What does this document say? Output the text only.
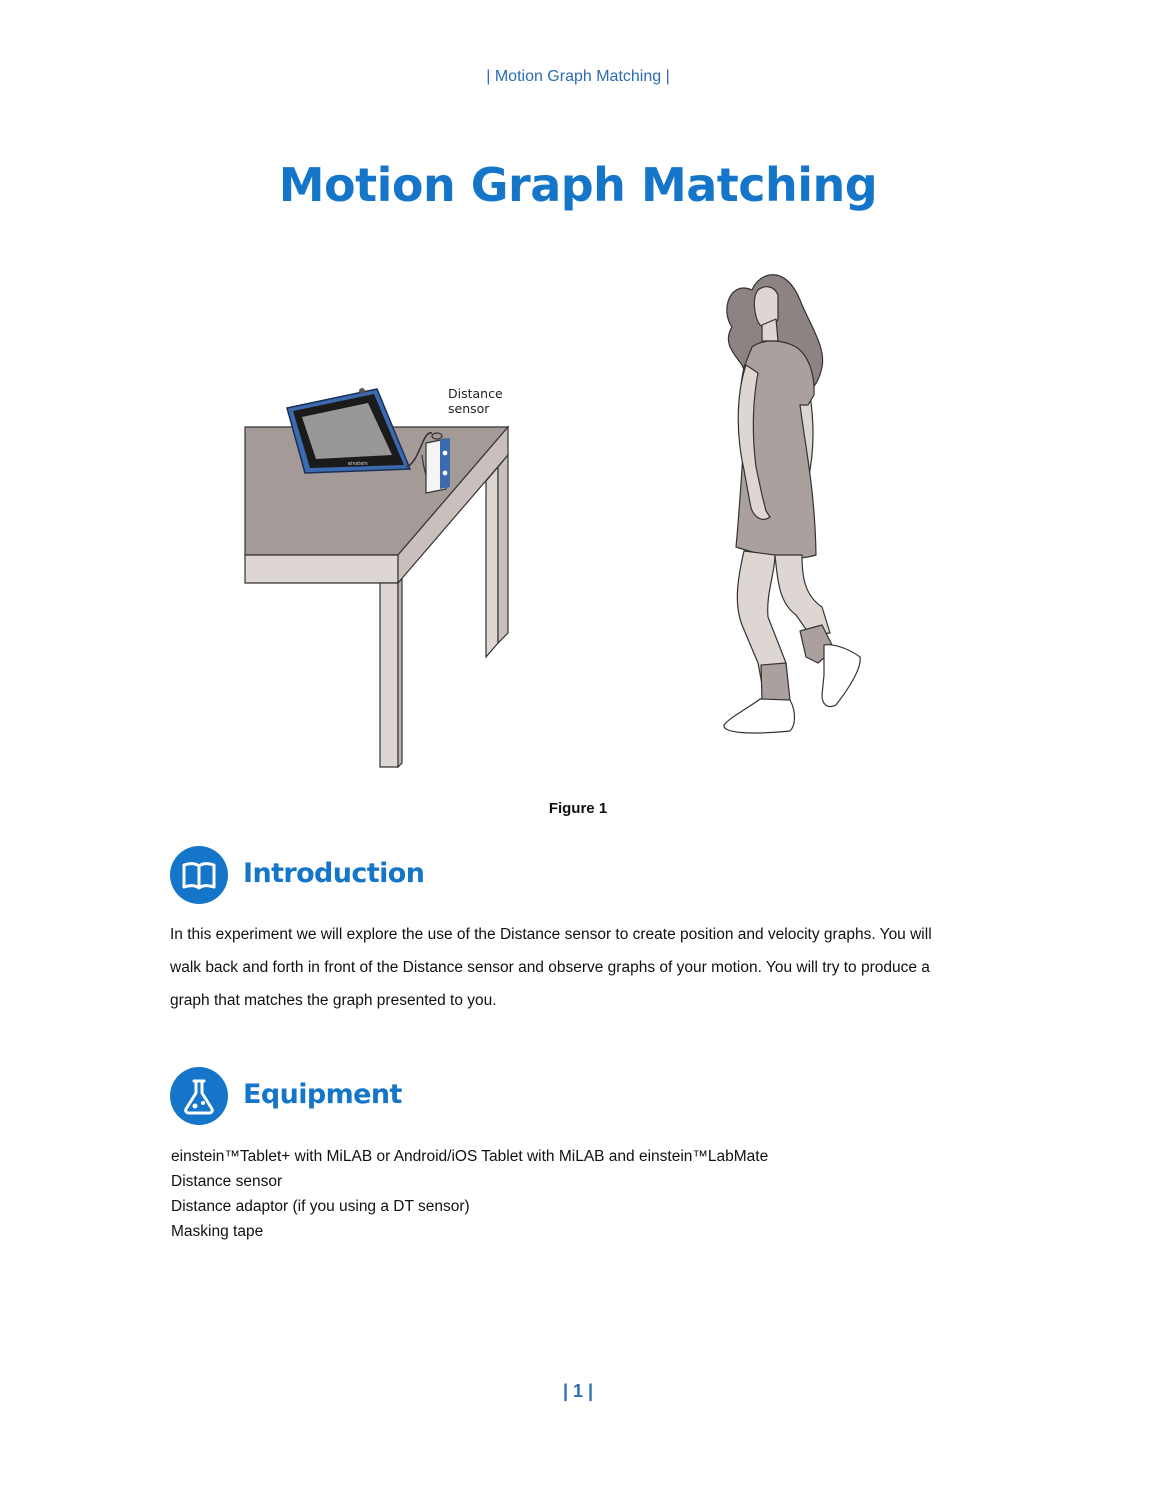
| Motion Graph Matching |
Motion Graph Matching
einstein
Distance sensor
Figure 1
Introduction
In this experiment we will explore the use of the Distance sensor to create position and velocity graphs. You will
walk back and forth in front of the Distance sensor and observe graphs of your motion. You will try to produce a
graph that matches the graph presented to you.
Equipment
einstein™Tablet+ with MiLAB or Android/iOS Tablet with MiLAB and einstein™LabMate
Distance sensor
Distance adaptor (if you using a DT sensor)
Masking tape
| 1 |
